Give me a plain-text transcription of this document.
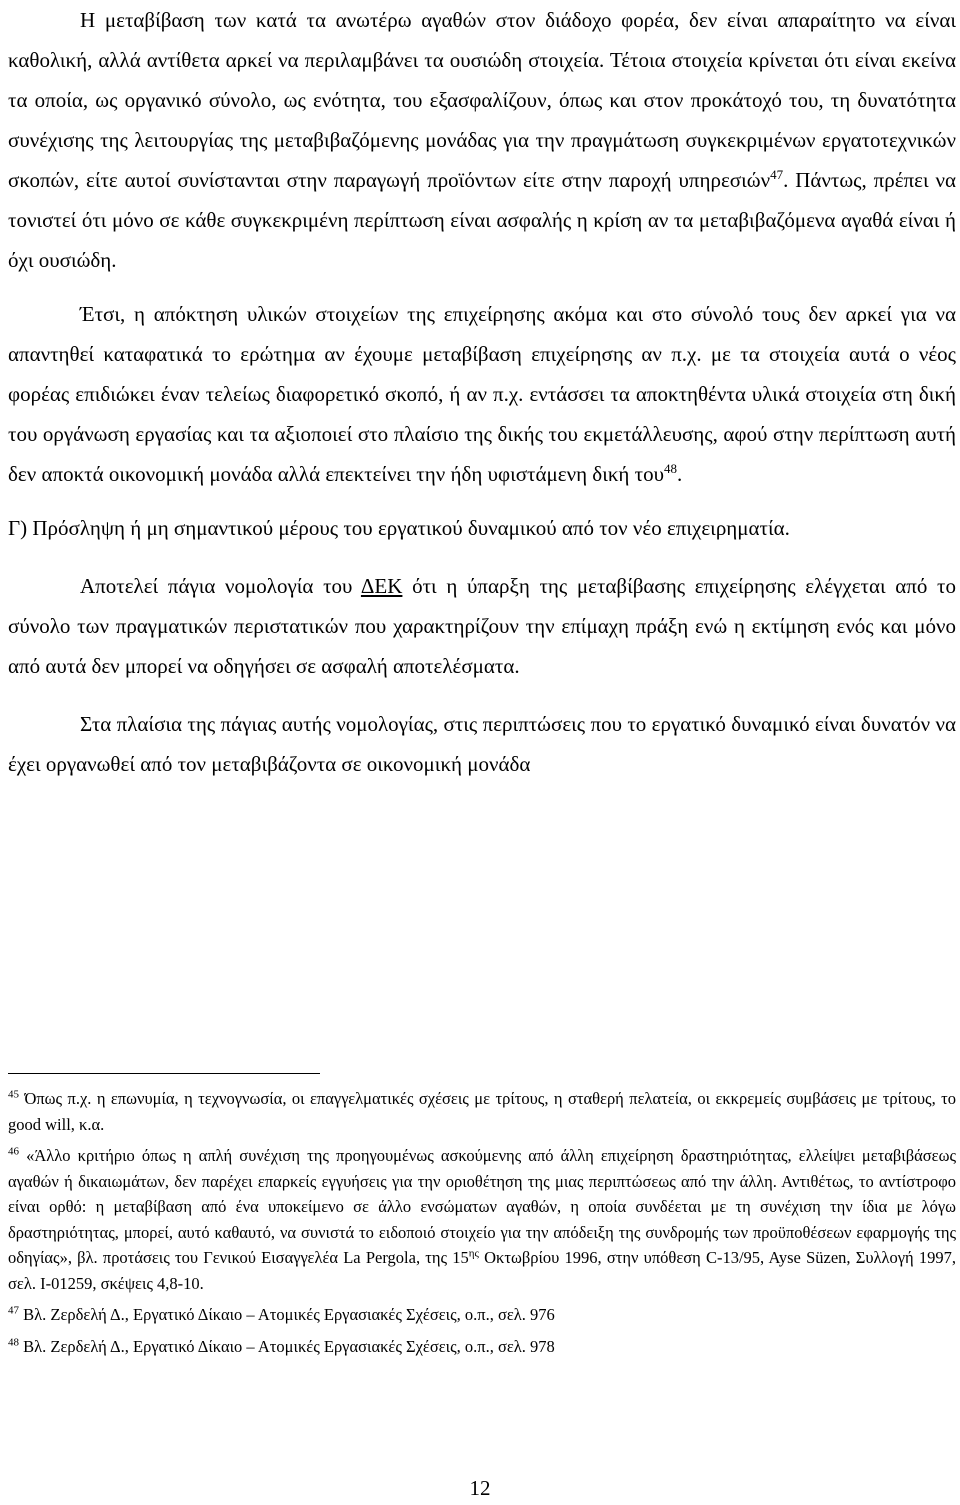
Η μεταβίβαση των κατά τα ανωτέρω αγαθών στον διάδοχο φορέα, δεν είναι απαραίτητο να είναι καθολική, αλλά αντίθετα αρκεί να περιλαμβάνει τα ουσιώδη στοιχεία. Τέτοια στοιχεία κρίνεται ότι είναι εκείνα τα οποία, ως οργανικό σύνολο, ως ενότητα, του εξασφαλίζουν, όπως και στον προκάτοχό του, τη δυνατότητα συνέχισης της λειτουργίας της μεταβιβαζόμενης μονάδας για την πραγμάτωση συγκεκριμένων εργατοτεχνικών σκοπών, είτε αυτοί συνίστανται στην παραγωγή προϊόντων είτε στην παροχή υπηρεσιών$^{47}$. Πάντως, πρέπει να τονιστεί ότι μόνο σε κάθε συγκεκριμένη περίπτωση είναι ασφαλής η κρίση αν τα μεταβιβαζόμενα αγαθά είναι ή όχι ουσιώδη.

Έτσι, η απόκτηση υλικών στοιχείων της επιχείρησης ακόμα και στο σύνολό τους δεν αρκεί για να απαντηθεί καταφατικά το ερώτημα αν έχουμε μεταβίβαση επιχείρησης αν π.χ. με τα στοιχεία αυτά ο νέος φορέας επιδιώκει έναν τελείως διαφορετικό σκοπό, ή αν π.χ. εντάσσει τα αποκτηθέντα υλικά στοιχεία στη δική του οργάνωση εργασίας και τα αξιοποιεί στο πλαίσιο της δικής του εκμετάλλευσης, αφού στην περίπτωση αυτή δεν αποκτά οικονομική μονάδα αλλά επεκτείνει την ήδη υφιστάμενη δική του$^{48}$.

Γ) Πρόσληψη ή μη σημαντικού μέρους του εργατικού δυναμικού από τον νέο επιχειρηματία.

Αποτελεί πάγια νομολογία του ΔΕΚ ότι η ύπαρξη της μεταβίβασης επιχείρησης ελέγχεται από το σύνολο των πραγματικών περιστατικών που χαρακτηρίζουν την επίμαχη πράξη ενώ η εκτίμηση ενός και μόνο από αυτά δεν μπορεί να οδηγήσει σε ασφαλή αποτελέσματα.

Στα πλαίσια της πάγιας αυτής νομολογίας, στις περιπτώσεις που το εργατικό δυναμικό είναι δυνατόν να έχει οργανωθεί από τον μεταβιβάζοντα σε οικονομική μονάδα

$^{45}$ Όπως π.χ. η επωνυμία, η τεχνογνωσία, οι επαγγελματικές σχέσεις με τρίτους, η σταθερή πελατεία, οι εκκρεμείς συμβάσεις με τρίτους, το good will, κ.α.

$^{46}$ «Άλλο κριτήριο όπως η απλή συνέχιση της προηγουμένως ασκούμενης από άλλη επιχείρηση δραστηριότητας, ελλείψει μεταβιβάσεως αγαθών ή δικαιωμάτων, δεν παρέχει επαρκείς εγγυήσεις για την οριοθέτηση της μιας περιπτώσεως από την άλλη. Αντιθέτως, το αντίστροφο είναι ορθό: η μεταβίβαση από ένα υποκείμενο σε άλλο ενσώματων αγαθών, η οποία συνδέεται με τη συνέχιση την ίδια με λόγω δραστηριότητας, μπορεί, αυτό καθαυτό, να συνιστά το ειδοποιό στοιχείο για την απόδειξη της συνδρομής των προϋποθέσεων εφαρμογής της οδηγίας», βλ. προτάσεις του Γενικού Εισαγγελέα La Pergola, της $15^{\eta\varsigma}$ Οκτωβρίου 1996, στην υπόθεση C-13/95, Ayse Süzen, Συλλογή 1997, σελ. I-01259, σκέψεις 4,8-10.

$^{47}$ Βλ. Ζερδελή Δ., Εργατικό Δίκαιο – Ατομικές Εργασιακές Σχέσεις, ο.π., σελ. 976

$^{48}$ Βλ. Ζερδελή Δ., Εργατικό Δίκαιο – Ατομικές Εργασιακές Σχέσεις, ο.π., σελ. 978

12
